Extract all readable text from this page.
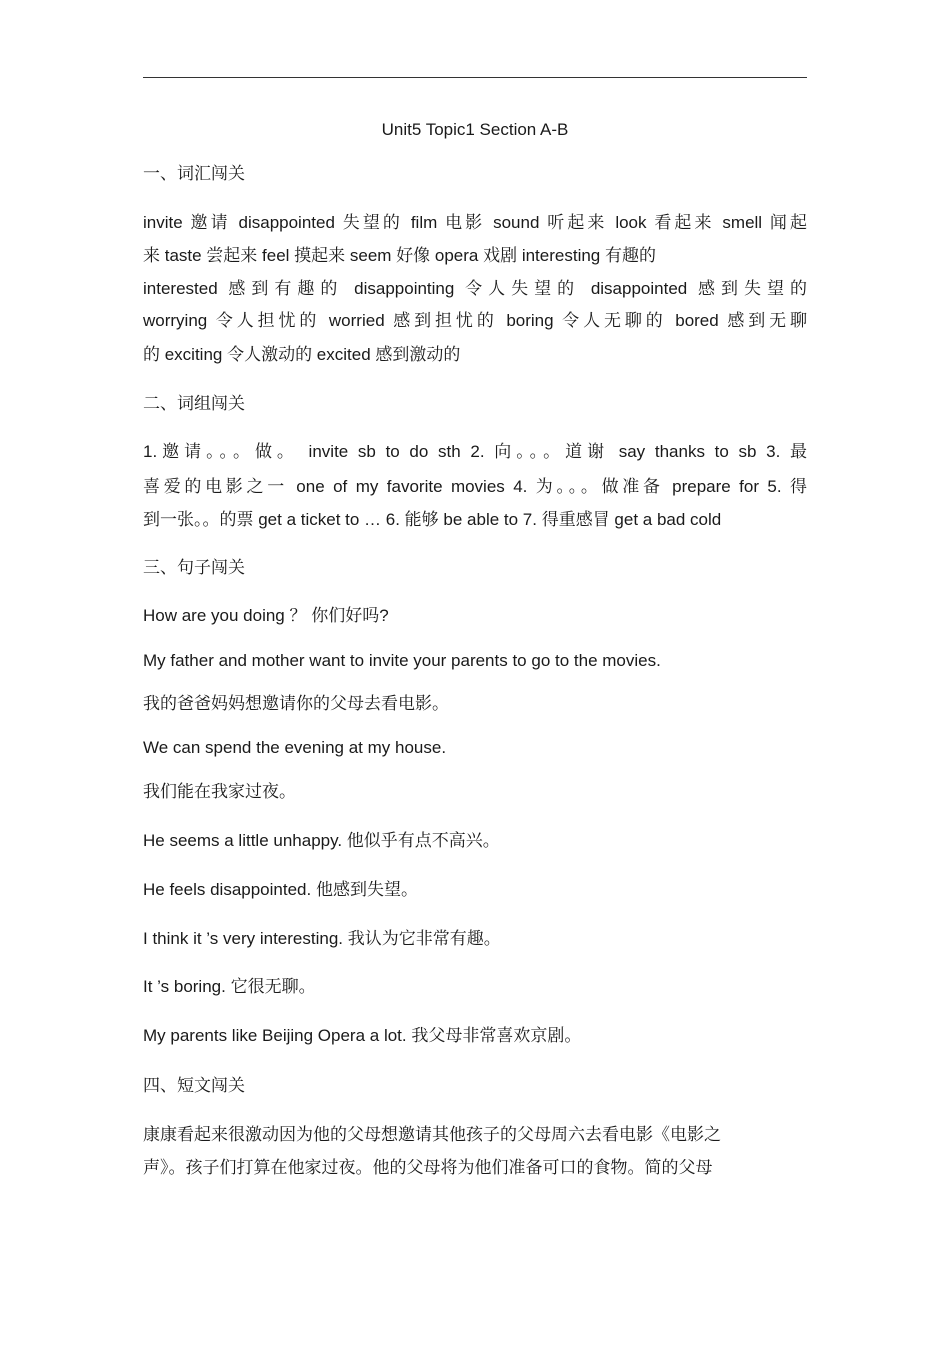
Unit5 Topic1 Section A-B
一、词汇闯关
invite 邀请 disappointed 失望的 film 电影 sound 听起来 look 看起来 smell 闻起
来 taste 尝起来 feel 摸起来 seem 好像 opera 戏剧 interesting 有趣的
interested 感到有趣的 disappointing 令人失望的 disappointed 感到失望的
worrying 令人担忧的 worried 感到担忧的 boring 令人无聊的 bored 感到无聊
的 exciting 令人激动的 excited 感到激动的
二、词组闯关
1.邀请。。。做。 invite sb to do sth 2. 向。。。道谢 say thanks to sb 3. 最
喜爱的电影之一 one of my favorite movies 4. 为。。。做准备 prepare for 5. 得
到一张。。的票 get a ticket to … 6. 能够 be able to 7. 得重感冒 get a bad cold
三、句子闯关
How are you doing ？ 你们好吗?
My father and mother want to invite your parents to go to the movies.
我的爸爸妈妈想邀请你的父母去看电影。
We can spend the evening at my house.
我们能在我家过夜。
He seems a little unhappy. 他似乎有点不高兴。
He feels disappointed. 他感到失望。
I think it ’s very interesting. 我认为它非常有趣。
It ’s boring. 它很无聊。
My parents like Beijing Opera a lot. 我父母非常喜欢京剧。
四、短文闯关
康康看起来很激动因为他的父母想邀请其他孩子的父母周六去看电影《电影之
声》。孩子们打算在他家过夜。他的父母将为他们准备可口的食物。简的父母
